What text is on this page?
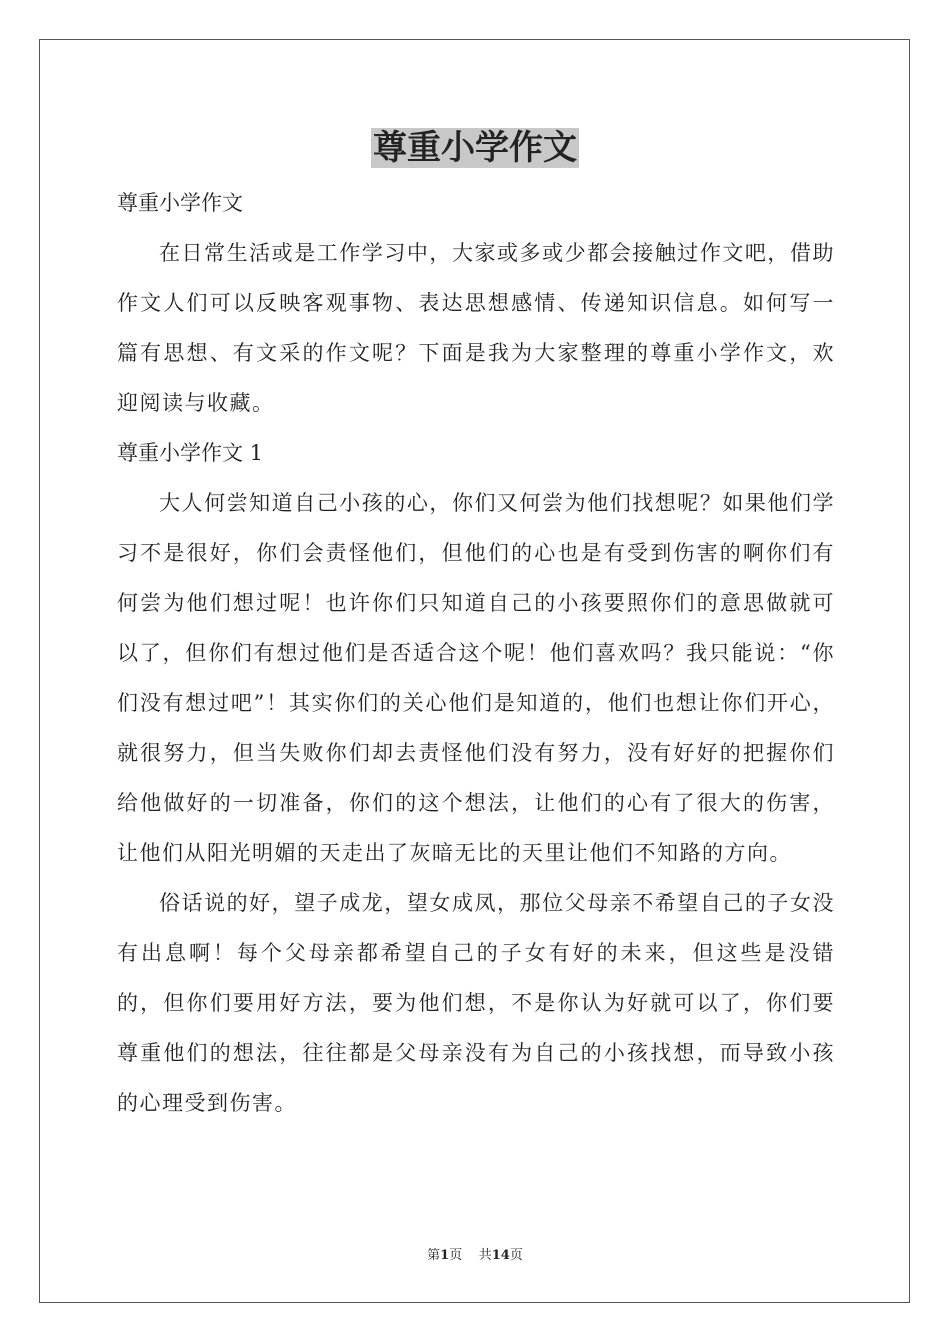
尊重小学作文
尊重小学作文

在日常生活或是工作学习中，大家或多或少都会接触过作文吧，借助作文人们可以反映客观事物、表达思想感情、传递知识信息。如何写一篇有思想、有文采的作文呢？下面是我为大家整理的尊重小学作文，欢迎阅读与收藏。

尊重小学作文 1

大人何尝知道自己小孩的心，你们又何尝为他们找想呢？如果他们学习不是很好，你们会责怪他们，但他们的心也是有受到伤害的啊你们有何尝为他们想过呢！也许你们只知道自己的小孩要照你们的意思做就可以了，但你们有想过他们是否适合这个呢！他们喜欢吗？我只能说：“你们没有想过吧”！其实你们的关心他们是知道的，他们也想让你们开心，就很努力，但当失败你们却去责怪他们没有努力，没有好好的把握你们给他做好的一切准备，你们的这个想法，让他们的心有了很大的伤害，让他们从阳光明媚的天走出了灰暗无比的天里让他们不知路的方向。

俗话说的好，望子成龙，望女成凤，那位父母亲不希望自己的子女没有出息啊！每个父母亲都希望自己的子女有好的未来，但这些是没错的，但你们要用好方法，要为他们想，不是你认为好就可以了，你们要尊重他们的想法，往往都是父母亲没有为自己的小孩找想，而导致小孩的心理受到伤害。

第1页 共14页
